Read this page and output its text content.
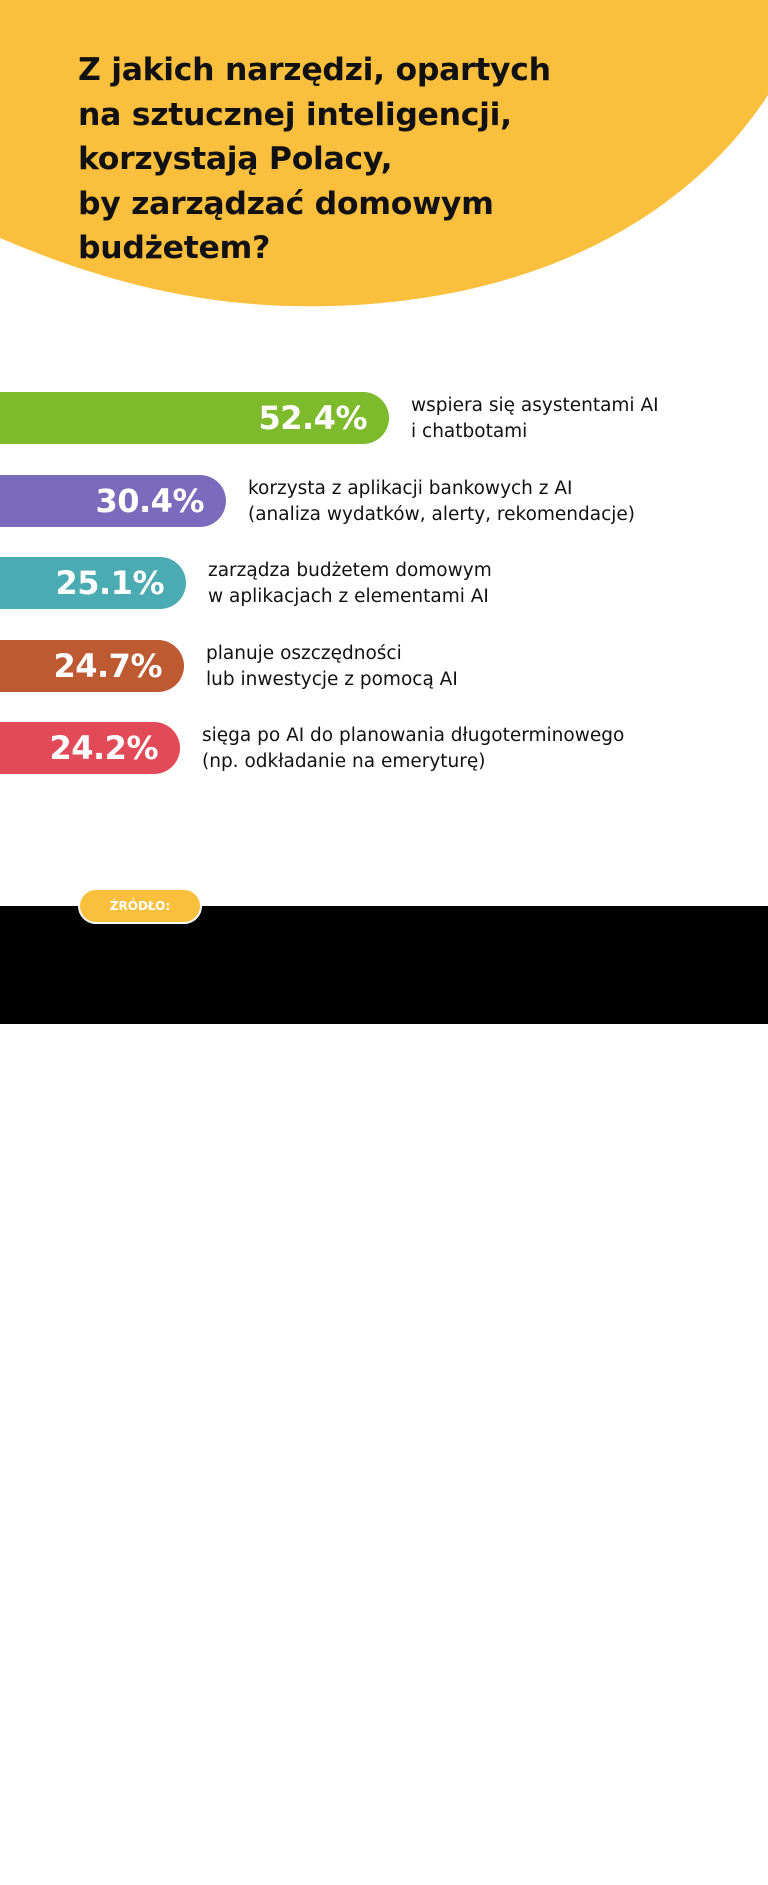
Z jakich narzędzi, opartych
na sztucznej inteligencji,
korzystają Polacy,
by zarządzać domowym
budżetem?
52.4% wspiera się asystentami AI
i chatbotami
30.4% korzysta z aplikacji bankowych z AI
(analiza wydatków, alerty, rekomendacje)
25.1% zarządza budżetem domowym
w aplikacjach z elementami AI
24.7% planuje oszczędności
lub inwestycje z pomocą AI
24.2% sięga po AI do planowania długoterminowego
(np. odkładanie na emeryturę)

„DA SIĘ! Polacy w akcji” – badanie opinii przeprowadzone przez SW Research
na zlecenie Smartney Grupa Oney w grudniu 2025 r. Metodologia: CAWI. N=1006.

ŹRÓDŁO:
